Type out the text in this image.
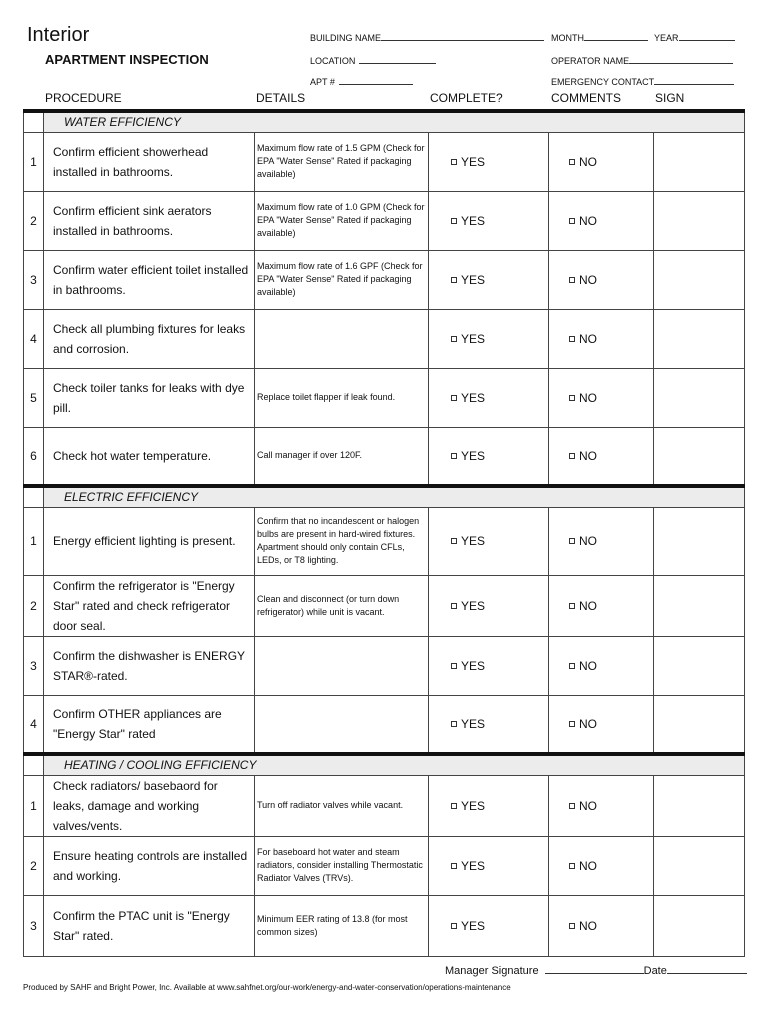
Interior
APARTMENT INSPECTION
BUILDING NAME	MONTH	YEAR
LOCATION	OPERATOR NAME
APT #	EMERGENCY CONTACT
PROCEDURE	DETAILS	COMPLETE?	COMMENTS	SIGN
	WATER EFFICIENCY				
1	Confirm efficient showerhead installed in bathrooms.	Maximum flow rate of 1.5 GPM (Check for EPA "Water Sense" Rated if packaging available)	YES	NO	
2	Confirm efficient sink aerators installed in bathrooms.	Maximum flow rate of 1.0 GPM (Check for EPA "Water Sense" Rated if packaging available)	YES	NO	
3	Confirm water efficient toilet installed in bathrooms.	Maximum flow rate of 1.6 GPF (Check for EPA "Water Sense" Rated if packaging available)	YES	NO	
4	Check all plumbing fixtures for leaks and corrosion.		YES	NO	
5	Check toiler tanks for leaks with dye pill.	Replace toilet flapper if leak found.	YES	NO	
6	Check hot water temperature.	Call manager if over 120F.	YES	NO	
	ELECTRIC EFFICIENCY				
1	Energy efficient lighting is present.	Confirm that no incandescent or halogen bulbs are present in hard-wired fixtures. Apartment should only contain CFLs, LEDs, or T8 lighting.	YES	NO	
2	Confirm the refrigerator is "Energy Star" rated and check refrigerator door seal.	Clean and disconnect (or turn down refrigerator) while unit is vacant.	YES	NO	
3	Confirm the dishwasher is ENERGY STAR®-rated.		YES	NO	
4	Confirm OTHER appliances are "Energy Star" rated		YES	NO	
	HEATING / COOLING EFFICIENCY				
1	Check radiators/ basebaord for leaks, damage and working valves/vents.	Turn off radiator valves while vacant.	YES	NO	
2	Ensure heating controls are installed and working.	For baseboard hot water and steam radiators, consider installing Thermostatic Radiator Valves (TRVs).	YES	NO	
3	Confirm the PTAC unit is "Energy Star" rated.	Minimum EER rating of 13.8 (for most common sizes)	YES	NO	
Manager Signature	Date
Produced by SAHF and Bright Power, Inc. Available at www.sahfnet.org/our-work/energy-and-water-conservation/operations-maintenance
